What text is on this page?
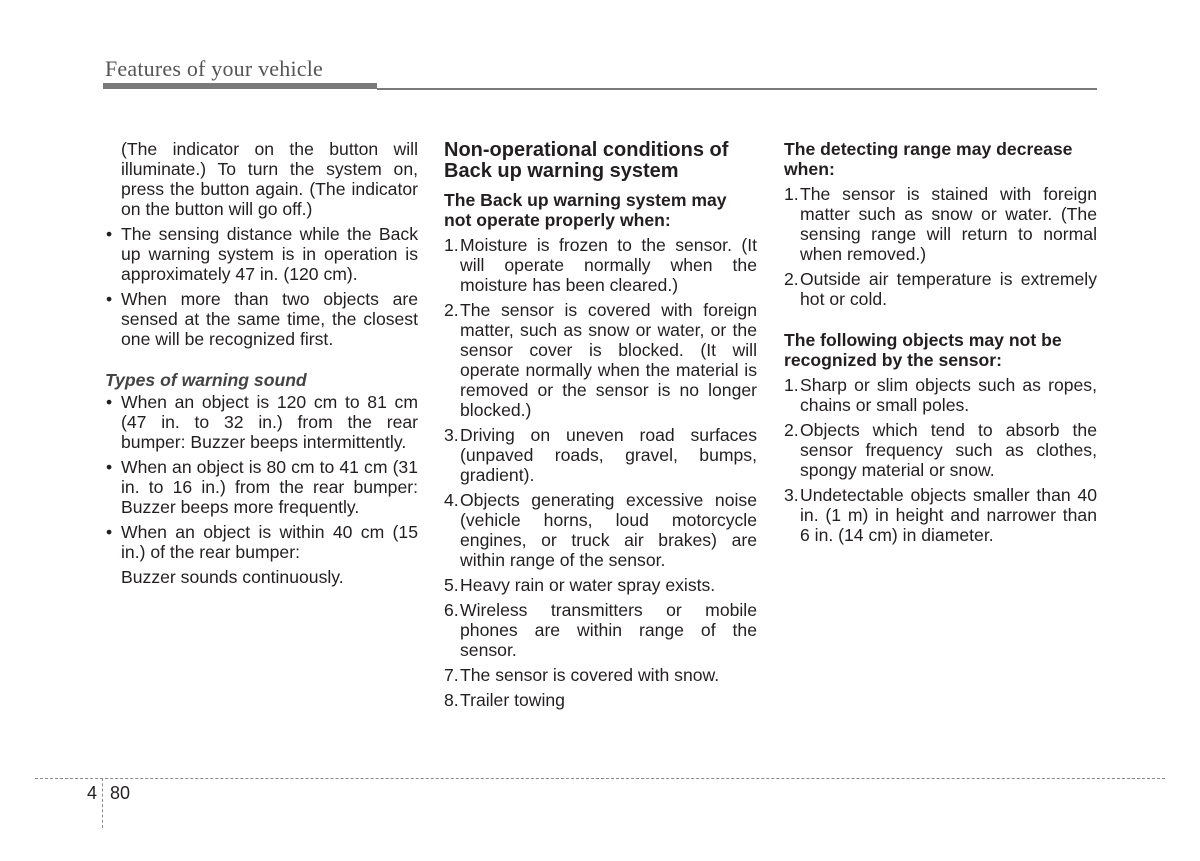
Features of your vehicle

(The indicator on the button will illuminate.) To turn the system on, press the button again. (The indicator on the button will go off.)

• The sensing distance while the Back up warning system is in operation is approximately 47 in. (120 cm).
• When more than two objects are sensed at the same time, the closest one will be recognized first.

Types of warning sound

• When an object is 120 cm to 81 cm (47 in. to 32 in.) from the rear bumper: Buzzer beeps intermittently.
• When an object is 80 cm to 41 cm (31 in. to 16 in.) from the rear bumper: Buzzer beeps more frequently.
• When an object is within 40 cm (15 in.) of the rear bumper:

Buzzer sounds continuously.

Non-operational conditions of Back up warning system

The Back up warning system may not operate properly when:

1. Moisture is frozen to the sensor. (It will operate normally when the moisture has been cleared.)
2. The sensor is covered with foreign matter, such as snow or water, or the sensor cover is blocked. (It will operate normally when the material is removed or the sensor is no longer blocked.)
3. Driving on uneven road surfaces (unpaved roads, gravel, bumps, gradient).
4. Objects generating excessive noise (vehicle horns, loud motorcycle engines, or truck air brakes) are within range of the sensor.
5. Heavy rain or water spray exists.
6. Wireless transmitters or mobile phones are within range of the sensor.
7. The sensor is covered with snow.
8. Trailer towing

The detecting range may decrease when:

1. The sensor is stained with foreign matter such as snow or water. (The sensing range will return to normal when removed.)
2. Outside air temperature is extremely hot or cold.

The following objects may not be recognized by the sensor:

1. Sharp or slim objects such as ropes, chains or small poles.
2. Objects which tend to absorb the sensor frequency such as clothes, spongy material or snow.
3. Undetectable objects smaller than 40 in. (1 m) in height and narrower than 6 in. (14 cm) in diameter.
4 80
